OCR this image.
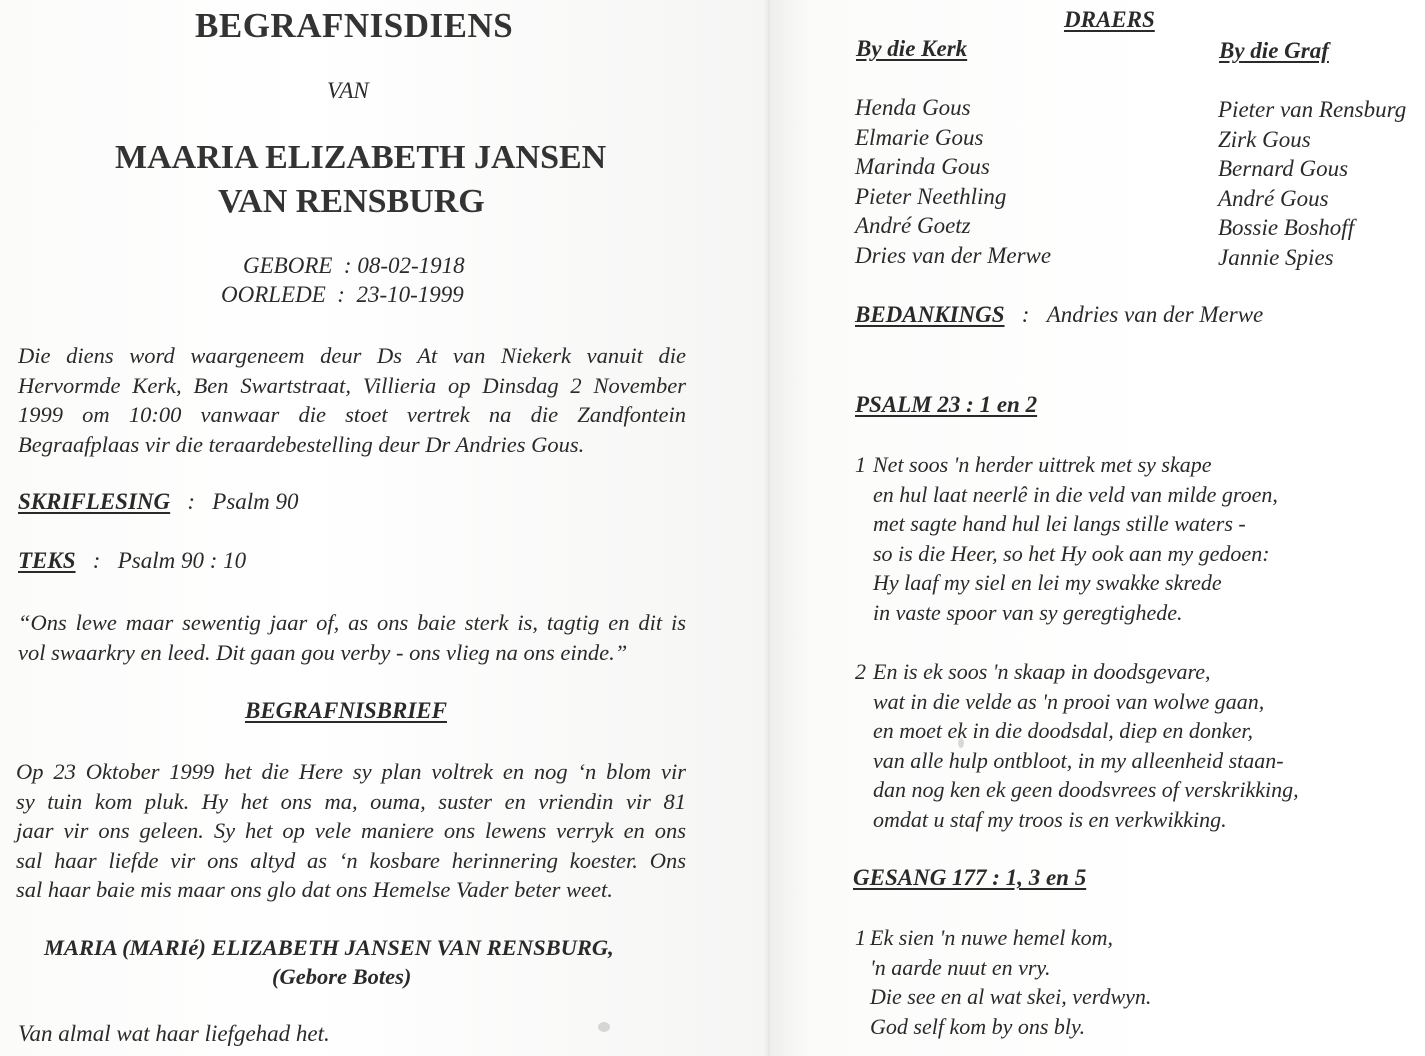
BEGRAFNISDIENS
VAN
MAARIA ELIZABETH JANSEN
VAN RENSBURG
GEBORE  : 08-02-1918
OORLEDE  :  23-10-1999
Die diens word waargeneem deur Ds At van Niekerk vanuit die
Hervormde Kerk, Ben Swartstraat, Villieria op Dinsdag 2 November
1999 om 10:00 vanwaar die stoet vertrek na die Zandfontein
Begraafplaas vir die teraardebestelling deur Dr Andries Gous.
SKRIFLESING   :   Psalm 90
TEKS   :   Psalm 90 : 10
“Ons lewe maar sewentig jaar of, as ons baie sterk is, tagtig en dit is
vol swaarkry en leed. Dit gaan gou verby - ons vlieg na ons einde.”
BEGRAFNISBRIEF
Op 23 Oktober 1999 het die Here sy plan voltrek en nog ‘n blom vir
sy tuin kom pluk. Hy het ons ma, ouma, suster en vriendin vir 81
jaar vir ons geleen. Sy het op vele maniere ons lewens verryk en ons
sal haar liefde vir ons altyd as ‘n kosbare herinnering koester. Ons
sal haar baie mis maar ons glo dat ons Hemelse Vader beter weet.
MARIA (MARIé) ELIZABETH JANSEN VAN RENSBURG,
(Gebore Botes)
Van almal wat haar liefgehad het.
DRAERS
By die Kerk	By die Graf
Henda Gous
Elmarie Gous
Marinda Gous
Pieter Neethling
André Goetz
Dries van der Merwe
Pieter van Rensburg
Zirk Gous
Bernard Gous
André Gous
Bossie Boshoff
Jannie Spies
BEDANKINGS   :   Andries van der Merwe
PSALM 23 : 1 en 2
1 Net soos 'n herder uittrek met sy skape
en hul laat neerlê in die veld van milde groen,
met sagte hand hul lei langs stille waters -
so is die Heer, so het Hy ook aan my gedoen:
Hy laaf my siel en lei my swakke skrede
in vaste spoor van sy geregtighede.
2 En is ek soos 'n skaap in doodsgevare,
wat in die velde as 'n prooi van wolwe gaan,
en moet ek in die doodsdal, diep en donker,
van alle hulp ontbloot, in my alleenheid staan-
dan nog ken ek geen doodsvrees of verskrikking,
omdat u staf my troos is en verkwikking.
GESANG 177 : 1, 3 en 5
1 Ek sien 'n nuwe hemel kom,
'n aarde nuut en vry.
Die see en al wat skei, verdwyn.
God self kom by ons bly.
